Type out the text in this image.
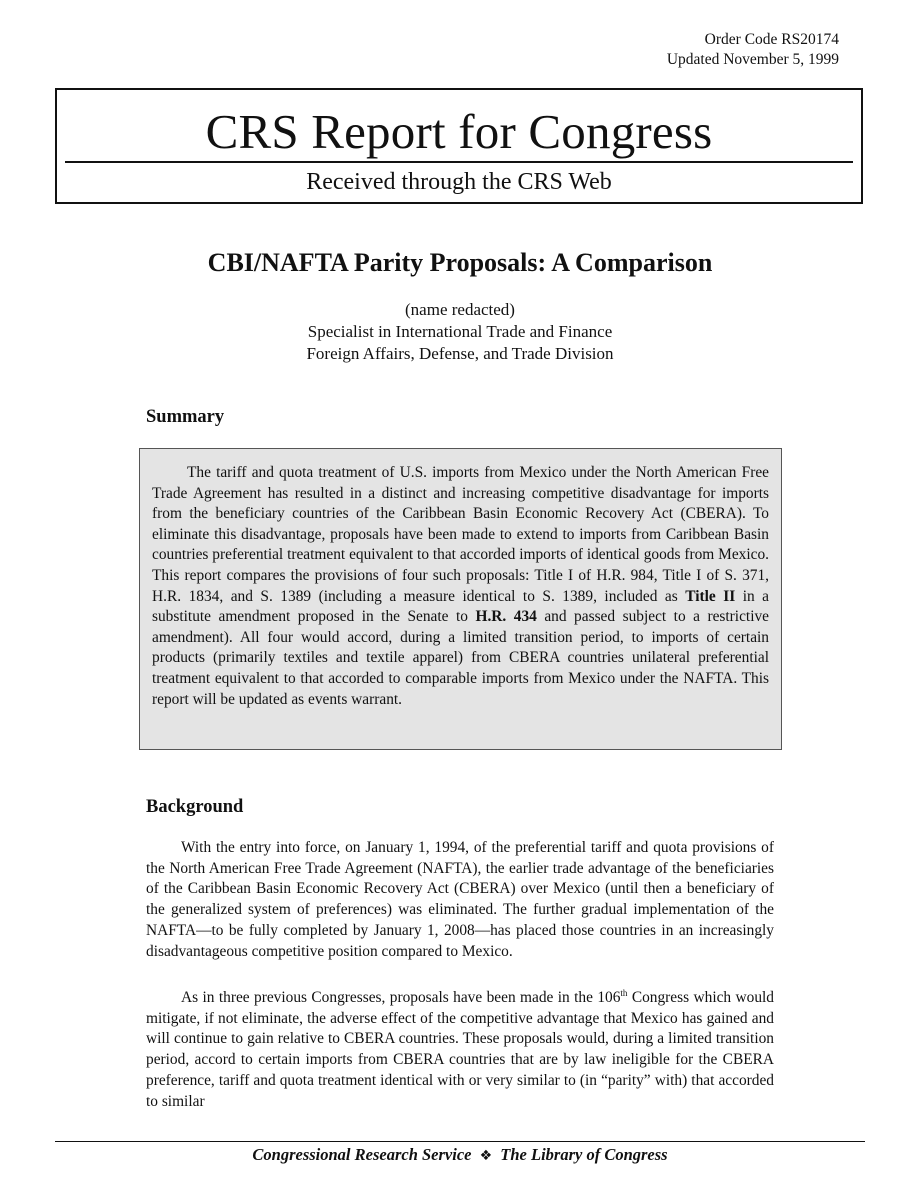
Order Code RS20174
Updated November 5, 1999
CRS Report for Congress
Received through the CRS Web
CBI/NAFTA Parity Proposals: A Comparison
(name redacted)
Specialist in International Trade and Finance
Foreign Affairs, Defense, and Trade Division
Summary

The tariff and quota treatment of U.S. imports from Mexico under the North American Free Trade Agreement has resulted in a distinct and increasing competitive disadvantage for imports from the beneficiary countries of the Caribbean Basin Economic Recovery Act (CBERA). To eliminate this disadvantage, proposals have been made to extend to imports from Caribbean Basin countries preferential treatment equivalent to that accorded imports of identical goods from Mexico. This report compares the provisions of four such proposals: Title I of H.R. 984, Title I of S. 371, H.R. 1834, and S. 1389 (including a measure identical to S. 1389, included as Title II in a substitute amendment proposed in the Senate to H.R. 434 and passed subject to a restrictive amendment). All four would accord, during a limited transition period, to imports of certain products (primarily textiles and textile apparel) from CBERA countries unilateral preferential treatment equivalent to that accorded to comparable imports from Mexico under the NAFTA. This report will be updated as events warrant.

Background

With the entry into force, on January 1, 1994, of the preferential tariff and quota provisions of the North American Free Trade Agreement (NAFTA), the earlier trade advantage of the beneficiaries of the Caribbean Basin Economic Recovery Act (CBERA) over Mexico (until then a beneficiary of the generalized system of preferences) was eliminated. The further gradual implementation of the NAFTA—to be fully completed by January 1, 2008—has placed those countries in an increasingly disadvantageous competitive position compared to Mexico.

As in three previous Congresses, proposals have been made in the 106th Congress which would mitigate, if not eliminate, the adverse effect of the competitive advantage that Mexico has gained and will continue to gain relative to CBERA countries. These proposals would, during a limited transition period, accord to certain imports from CBERA countries that are by law ineligible for the CBERA preference, tariff and quota treatment identical with or very similar to (in “parity” with) that accorded to similar

Congressional Research Service ❖ The Library of Congress
